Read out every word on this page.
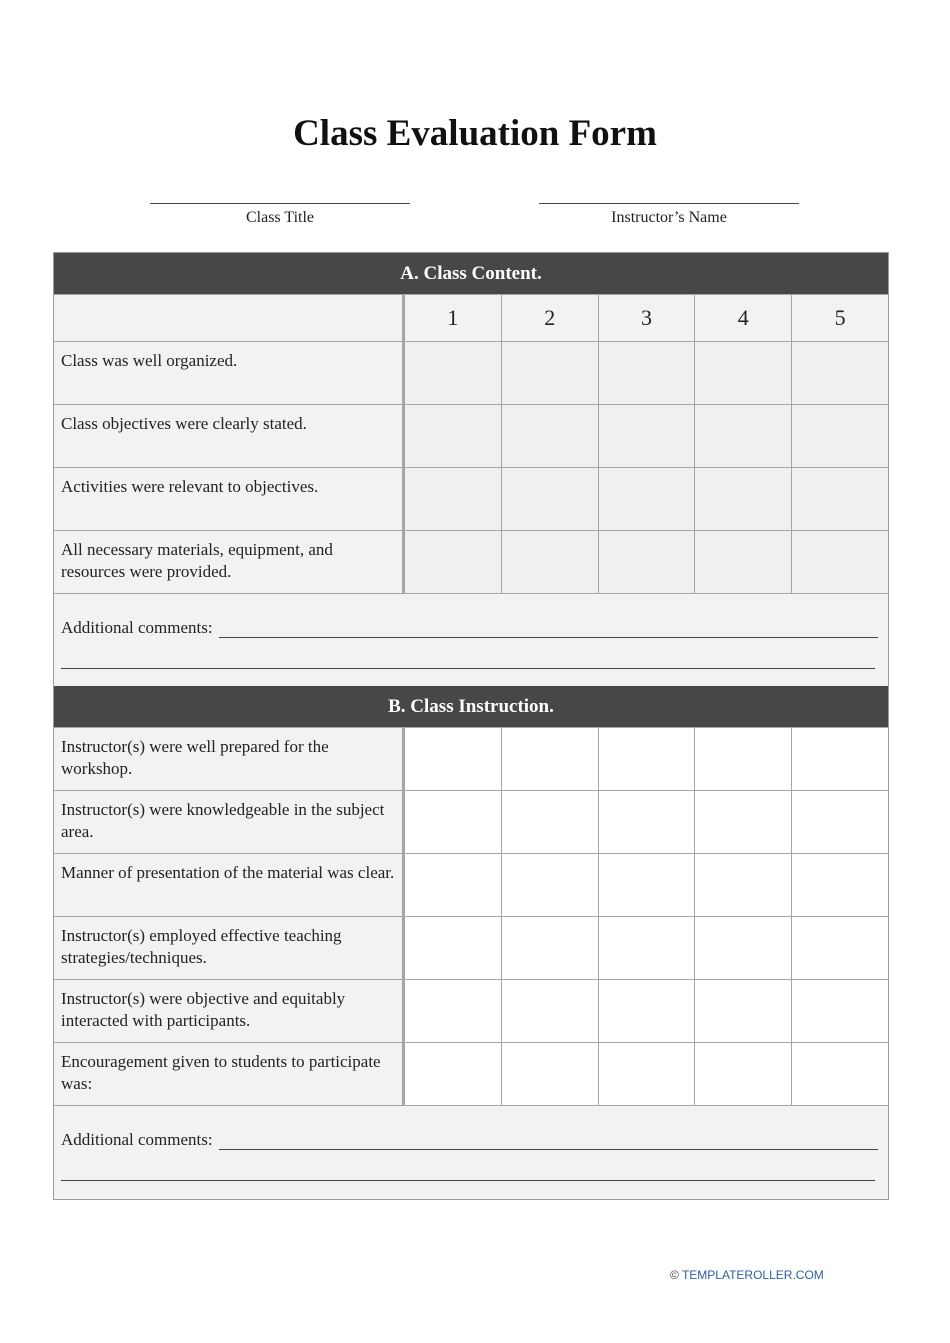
Class Evaluation Form
Class Title	Instructor’s Name
A. Class Content.
1	2	3	4	5
Class was well organized.
Class objectives were clearly stated.
Activities were relevant to objectives.
All necessary materials, equipment, and resources were provided.
Additional comments:
B. Class Instruction.
Instructor(s) were well prepared for the workshop.
Instructor(s) were knowledgeable in the subject area.
Manner of presentation of the material was clear.
Instructor(s) employed effective teaching strategies/techniques.
Instructor(s) were objective and equitably interacted with participants.
Encouragement given to students to participate was:
Additional comments:
© TEMPLATEROLLER.COM
